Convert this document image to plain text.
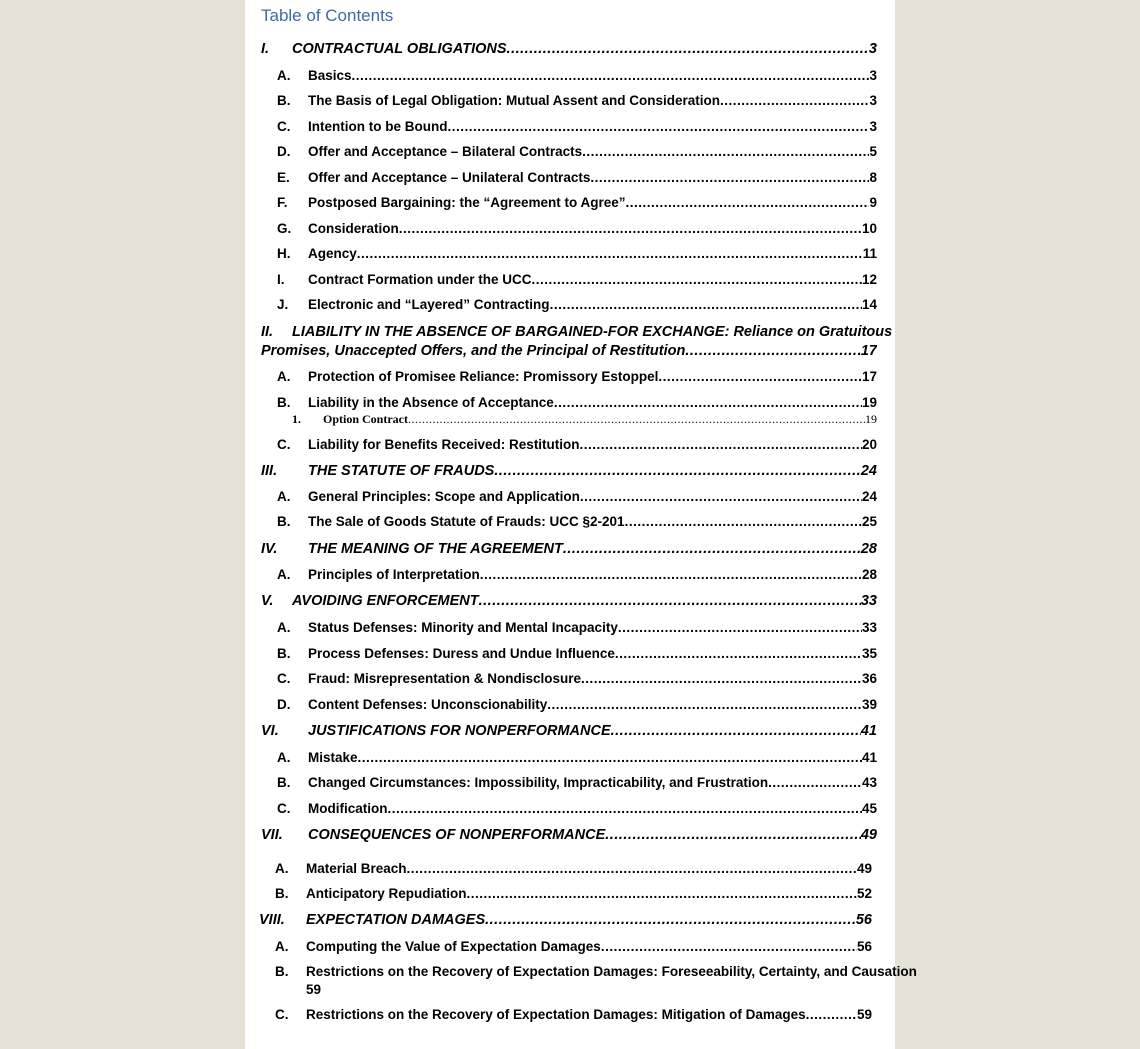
Table of Contents
I. CONTRACTUAL OBLIGATIONS .....	3
A. Basics .....	3
B. The Basis of Legal Obligation: Mutual Assent and Consideration .....	3
C. Intention to be Bound .....	3
D. Offer and Acceptance – Bilateral Contracts .....	5
E. Offer and Acceptance – Unilateral Contracts .....	8
F. Postposed Bargaining: the “Agreement to Agree” .....	9
G. Consideration .....	10
H. Agency .....	11
I. Contract Formation under the UCC .....	12
J. Electronic and “Layered” Contracting .....	14
II. LIABILITY IN THE ABSENCE OF BARGAINED-FOR EXCHANGE: Reliance on Gratuitous
Promises, Unaccepted Offers, and the Principal of Restitution .....	17
A. Protection of Promisee Reliance: Promissory Estoppel .....	17
B. Liability in the Absence of Acceptance .....	19
1. Option Contract .....	19
C. Liability for Benefits Received: Restitution .....	20
III. THE STATUTE OF FRAUDS .....	24
A. General Principles: Scope and Application .....	24
B. The Sale of Goods Statute of Frauds: UCC §2-201 .....	25
IV. THE MEANING OF THE AGREEMENT .....	28
A. Principles of Interpretation .....	28
V. AVOIDING ENFORCEMENT .....	33
A. Status Defenses: Minority and Mental Incapacity .....	33
B. Process Defenses: Duress and Undue Influence .....	35
C. Fraud: Misrepresentation & Nondisclosure .....	36
D. Content Defenses: Unconscionability .....	39
VI. JUSTIFICATIONS FOR NONPERFORMANCE .....	41
A. Mistake .....	41
B. Changed Circumstances: Impossibility, Impracticability, and Frustration .....	43
C. Modification .....	45
VII. CONSEQUENCES OF NONPERFORMANCE .....	49
A. Material Breach .....	49
B. Anticipatory Repudiation .....	52
VIII. EXPECTATION DAMAGES .....	56
A. Computing the Value of Expectation Damages .....	56
B. Restrictions on the Recovery of Expectation Damages: Foreseeability, Certainty, and Causation
59
C. Restrictions on the Recovery of Expectation Damages: Mitigation of Damages .....	59
